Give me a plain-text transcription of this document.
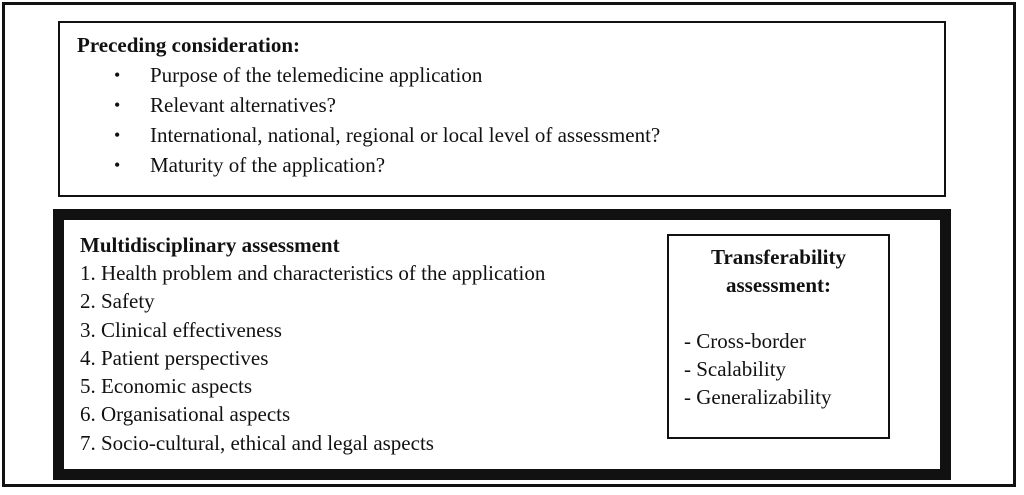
Preceding consideration:
• Purpose of the telemedicine application
• Relevant alternatives?
• International, national, regional or local level of assessment?
• Maturity of the application?
Multidisciplinary assessment
1. Health problem and characteristics of the application
2. Safety
3. Clinical effectiveness
4. Patient perspectives
5. Economic aspects
6. Organisational aspects
7. Socio-cultural, ethical and legal aspects
Transferability
assessment:
- Cross-border
- Scalability
- Generalizability
